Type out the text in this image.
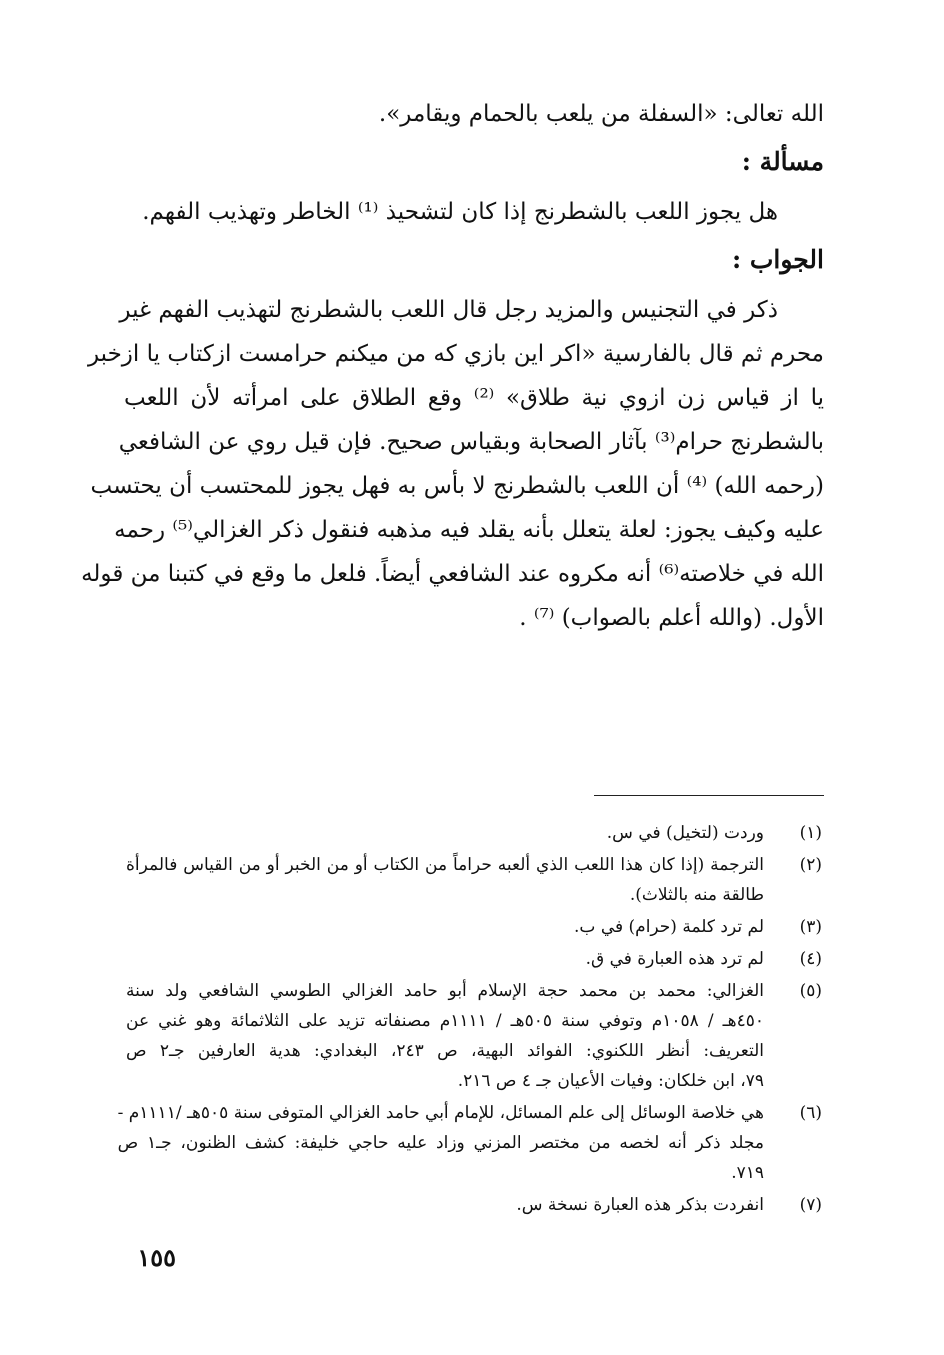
الله تعالى: «السفلة من يلعب بالحمام ويقامر».
مسألة :
هل يجوز اللعب بالشطرنج إذا كان لتشحيذ ⁽¹⁾ الخاطر وتهذيب الفهم.
الجواب :
ذكر في التجنيس والمزيد رجل قال اللعب بالشطرنج لتهذيب الفهم غير
محرم ثم قال بالفارسية «اكر اين بازي كه من ميكنم حرامست ازكتاب يا ازخبر
يا از قياس زن ازوي نية طلاق» ⁽²⁾ وقع الطلاق على امرأته لأن اللعب
بالشطرنج حرام⁽³⁾ بآثار الصحابة وبقياس صحيح. فإن قيل روي عن الشافعي
(رحمه الله) ⁽⁴⁾ أن اللعب بالشطرنج لا بأس به فهل يجوز للمحتسب أن يحتسب
عليه وكيف يجوز: لعلة يتعلل بأنه يقلد فيه مذهبه فنقول ذكر الغزالي⁽⁵⁾ رحمه
الله في خلاصته⁽⁶⁾ أنه مكروه عند الشافعي أيضاً. فلعل ما وقع في كتبنا من قوله
الأول. (والله أعلم بالصواب) ⁽⁷⁾ .
(١)
وردت (لتخيل) في س.
(٢)
الترجمة (إذا كان هذا اللعب الذي ألعبه حراماً من الكتاب أو من الخبر أو من القياس فالمرأة
طالقة منه بالثلاث).
(٣)
لم ترد كلمة (حرام) في ب.
(٤)
لم ترد هذه العبارة في ق.
(٥)
الغزالي: محمد بن محمد حجة الإسلام أبو حامد الغزالي الطوسي الشافعي ولد سنة
٤٥٠هـ / ١٠٥٨م وتوفي سنة ٥٠٥هـ / ١١١١م مصنفاته تزيد على الثلاثمائة وهو غني عن
التعريف: أنظر اللكنوي: الفوائد البهية، ص ٢٤٣، البغدادي: هدية العارفين جـ٢ ص
٧٩، ابن خلكان: وفيات الأعيان جـ ٤ ص ٢١٦.
(٦)
هي خلاصة الوسائل إلى علم المسائل، للإمام أبي حامد الغزالي المتوفى سنة ٥٠٥هـ /١١١١م -
مجلد ذكر أنه لخصه من مختصر المزني وزاد عليه حاجي خليفة: كشف الظنون، جـ١ ص
٧١٩.
(٧)
انفردت بذكر هذه العبارة نسخة س.
١٥٥
